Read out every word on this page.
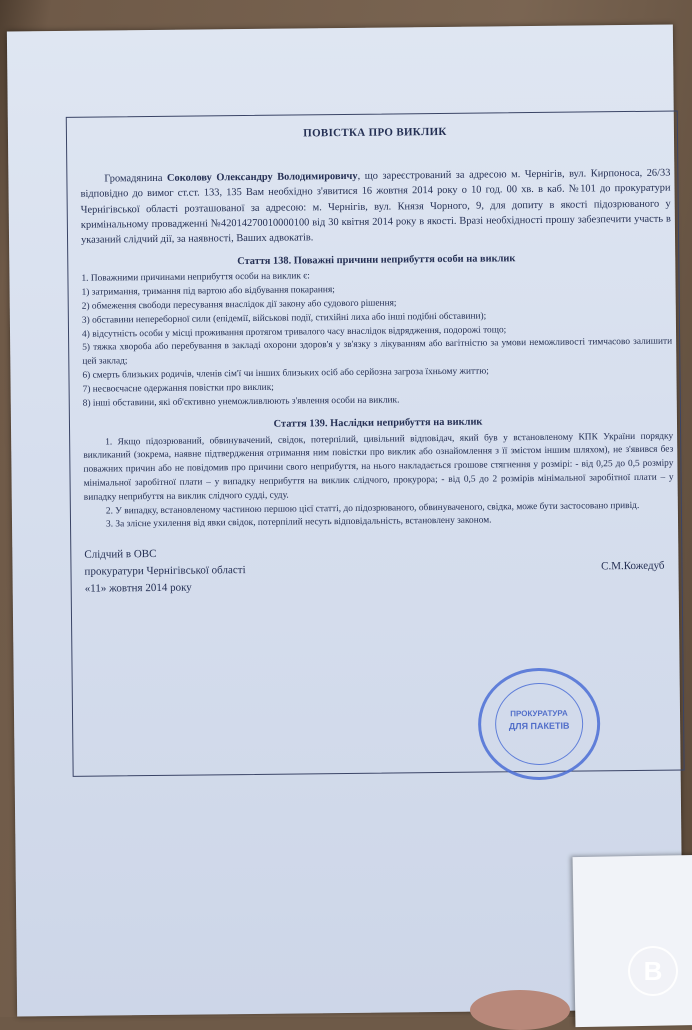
ПОВІСТКА ПРО ВИКЛИК

Громадянина Соколову Олександру Володимировичу, що зареєстрований за адресою м. Чернігів, вул. Кирпоноса, 26/33 відповідно до вимог ст.ст. 133, 135 Вам необхідно з'явитися 16 жовтня 2014 року о 10 год. 00 хв. в каб. №101 до прокуратури Чернігівської області розташованої за адресою: м. Чернігів, вул. Князя Чорного, 9, для допиту в якості підозрюваного у кримінальному провадженні №42014270010000100 від 30 квітня 2014 року в якості. Вразі необхідності прошу забезпечити участь в указаний слідчий дії, за наявності, Ваших адвокатів.

Стаття 138. Поважні причини неприбуття особи на виклик

1. Поважними причинами неприбуття особи на виклик є:

1) затримання, тримання під вартою або відбування покарання;

2) обмеження свободи пересування внаслідок дії закону або судового рішення;

3) обставини непереборної сили (епідемії, військові події, стихійні лиха або інші подібні обставини);

4) відсутність особи у місці проживання протягом тривалого часу внаслідок відрядження, подорожі тощо;

5) тяжка хвороба або перебування в закладі охорони здоров'я у зв'язку з лікуванням або вагітністю за умови неможливості тимчасово залишити цей заклад;

6) смерть близьких родичів, членів сім'ї чи інших близьких осіб або серйозна загроза їхньому життю;

7) несвоєчасне одержання повістки про виклик;

8) інші обставини, які об'єктивно унеможливлюють з'явлення особи на виклик.

Стаття 139. Наслідки неприбуття на виклик

1. Якщо підозрюваний, обвинувачений, свідок, потерпілий, цивільний відповідач, який був у встановленому КПК України порядку викликаний (зокрема, наявне підтвердження отримання ним повістки про виклик або ознайомлення з її змістом іншим шляхом), не з'явився без поважних причин або не повідомив про причини свого неприбуття, на нього накладається грошове стягнення у розмірі: - від 0,25 до 0,5 розміру мінімальної заробітної плати – у випадку неприбуття на виклик слідчого, прокурора; - від 0,5 до 2 розмірів мінімальної заробітної плати – у випадку неприбуття на виклик слідчого судді, суду.

2. У випадку, встановленому частиною першою цієї статті, до підозрюваного, обвинуваченого, свідка, може бути застосовано привід.

3. За злісне ухилення від явки свідок, потерпілий несуть відповідальність, встановлену законом.

Слідчий в ОВС
прокуратури Чернігівської області	С.М.Кожедуб
«11» жовтня 2014 року
ПРОКУРАТУРА
ДЛЯ ПАКЕТІВ
В
